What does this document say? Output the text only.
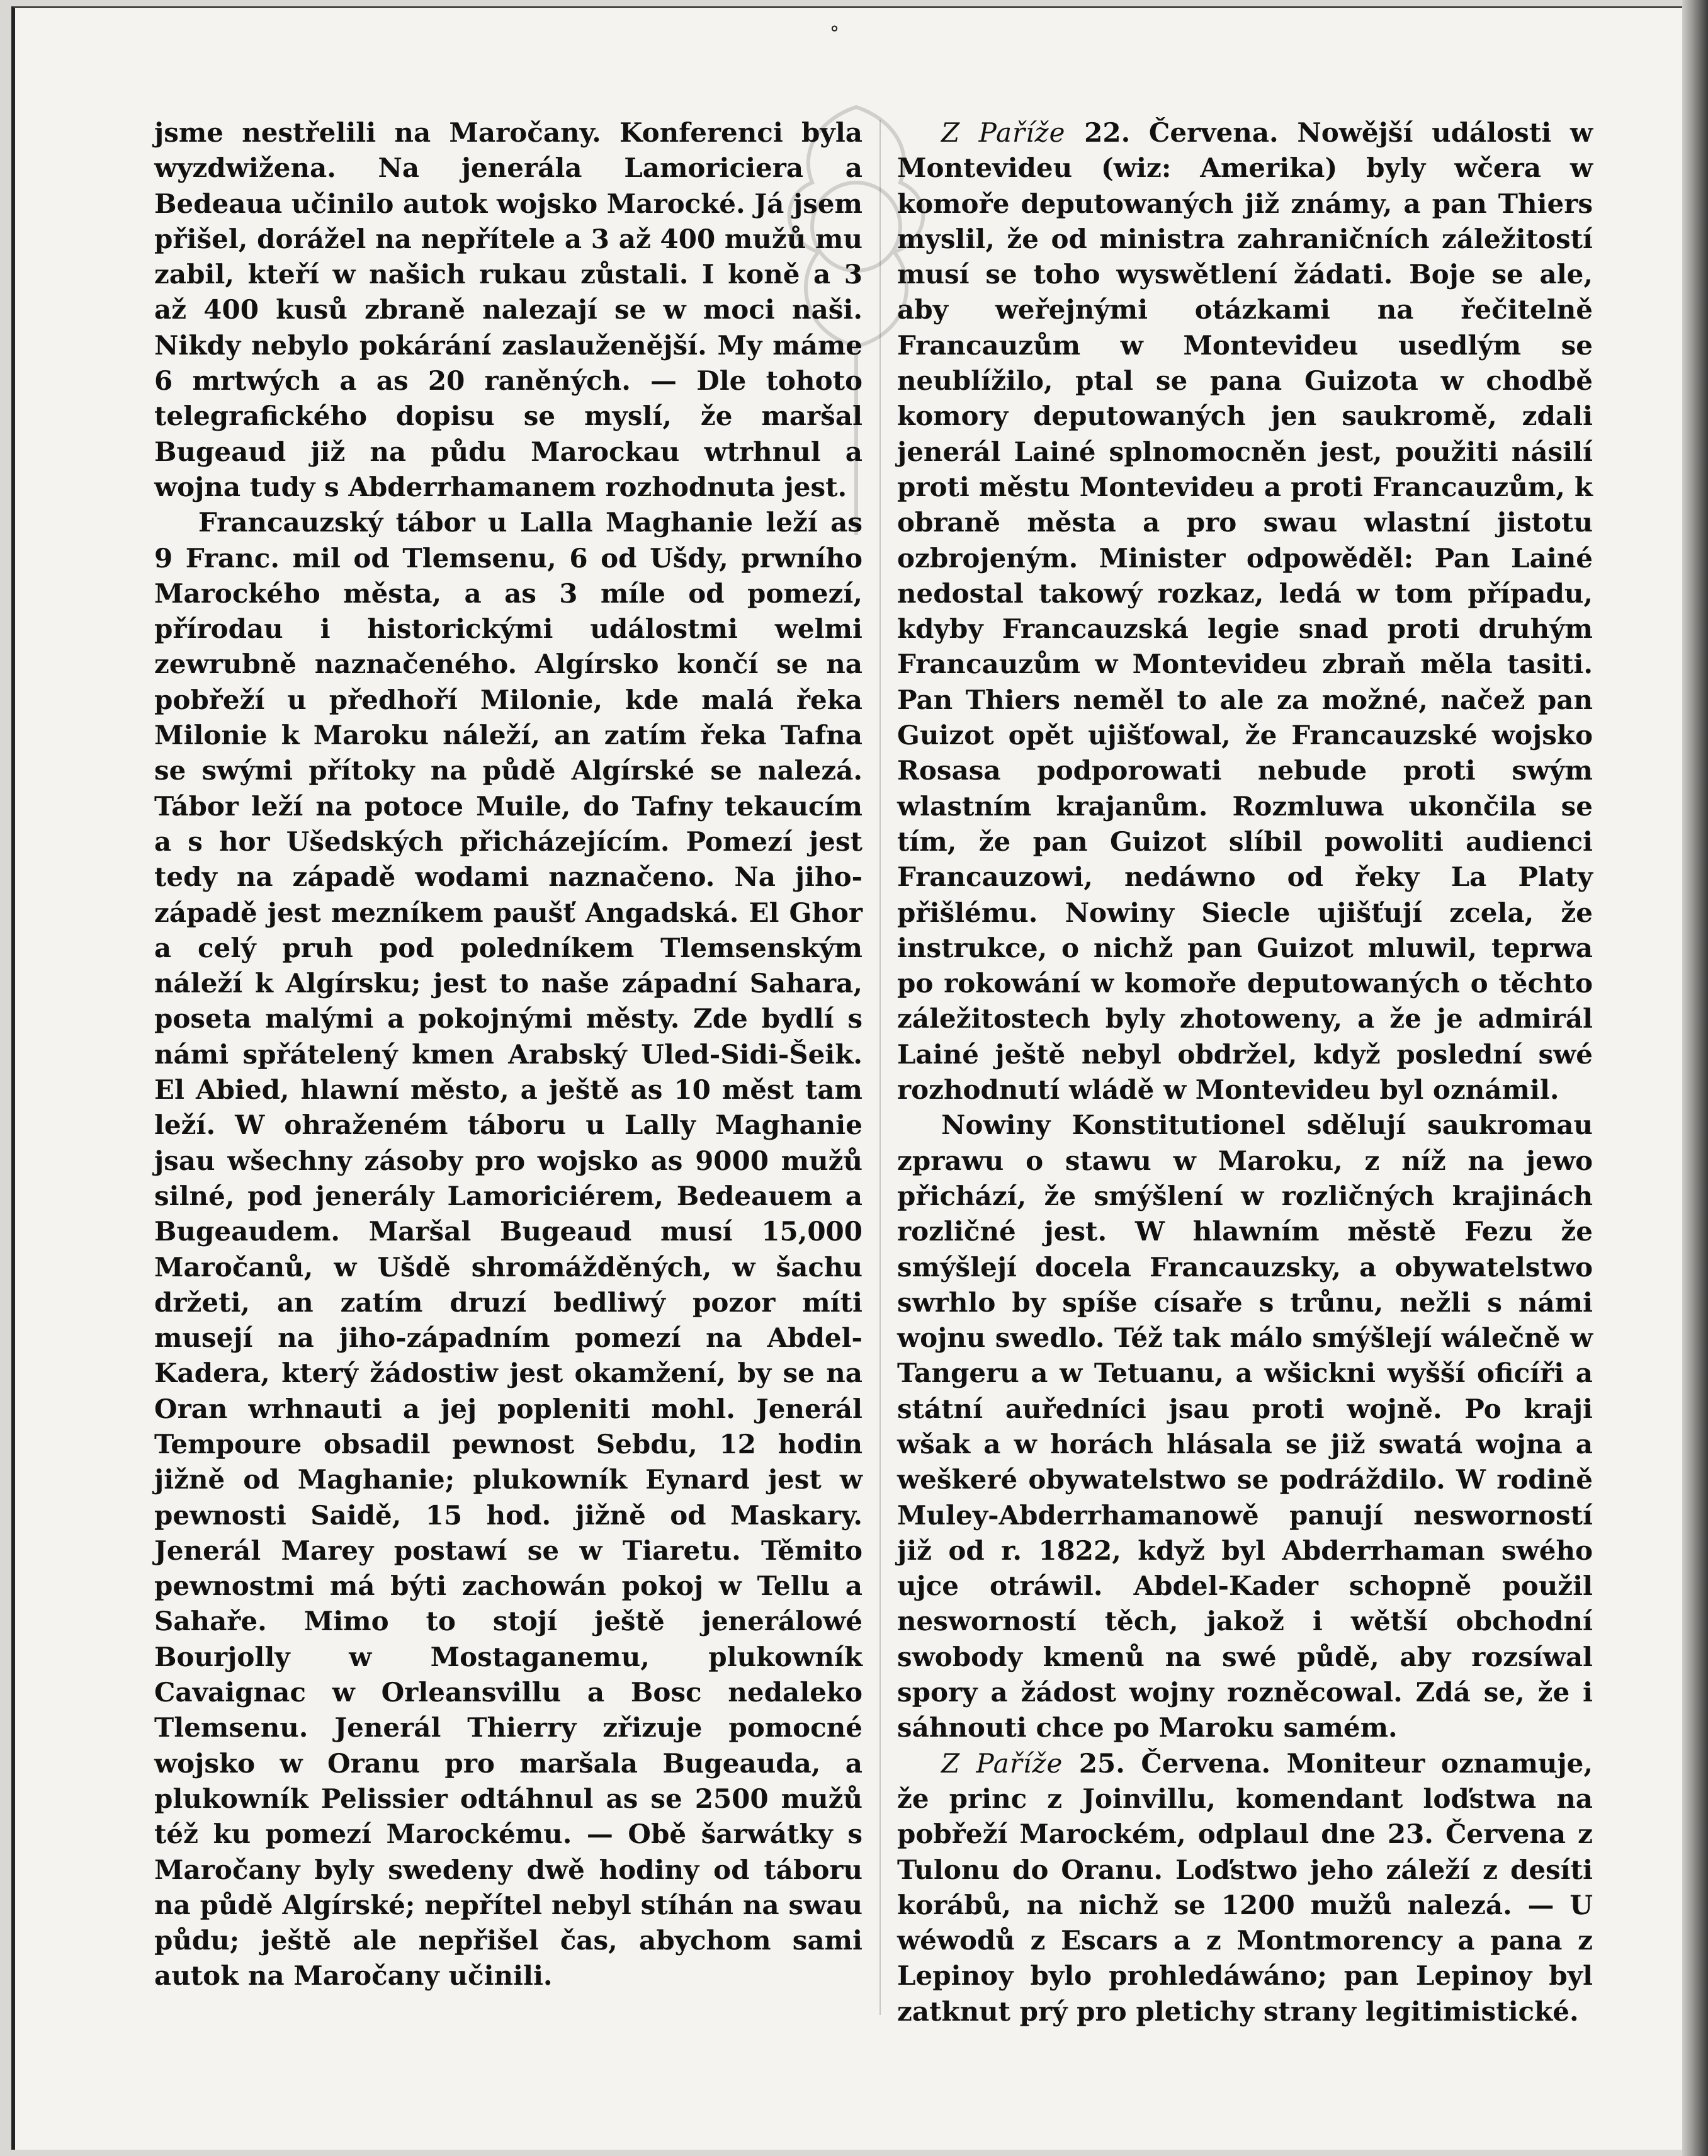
°

jsme nestřelili na Maročany. Konferenci byla wyzdwižena. Na jenerála Lamoriciera a Bedeaua učinilo autok wojsko Marocké. Já jsem přišel, dorážel na nepřítele a 3 až 400 mužů mu zabil, kteří w našich rukau zůstali. I koně a 3 až 400 kusů zbraně nalezají se w moci naši. Nikdy nebylo pokárání zaslauženější. My máme 6 mrtwých a as 20 raněných. — Dle tohoto telegrafického dopisu se myslí, že maršal Bugeaud již na půdu Marockau wtrhnul a wojna tudy s Abderrhamanem rozhodnuta jest.

Francauzský tábor u Lalla Maghanie leží as 9 Franc. mil od Tlemsenu, 6 od Ušdy, prwního Marockého města, a as 3 míle od pomezí, přírodau i historickými událostmi welmi zewrubně naznačeného. Algírsko končí se na pobřeží u předhoří Milonie, kde malá řeka Milonie k Maroku náleží, an zatím řeka Tafna se swými přítoky na půdě Algírské se nalezá. Tábor leží na potoce Muile, do Tafny tekaucím a s hor Ušedských přicházejícím. Pomezí jest tedy na západě wodami naznačeno. Na jiho-západě jest mezníkem paušť Angadská. El Ghor a celý pruh pod poledníkem Tlemsenským náleží k Algírsku; jest to naše západní Sahara, poseta malými a pokojnými městy. Zde bydlí s námi spřátelený kmen Arabský Uled-Sidi-Šeik. El Abied, hlawní město, a ještě as 10 měst tam leží. W ohraženém táboru u Lally Maghanie jsau wšechny zásoby pro wojsko as 9000 mužů silné, pod jenerály Lamoriciérem, Bedeauem a Bugeaudem. Maršal Bugeaud musí 15,000 Maročanů, w Ušdě shromážděných, w šachu držeti, an zatím druzí bedliwý pozor míti musejí na jiho-západním pomezí na Abdel-Kadera, který žádostiw jest okamžení, by se na Oran wrhnauti a jej popleniti mohl. Jenerál Tempoure obsadil pewnost Sebdu, 12 hodin jižně od Maghanie; plukowník Eynard jest w pewnosti Saidě, 15 hod. jižně od Maskary. Jenerál Marey postawí se w Tiaretu. Těmito pewnostmi má býti zachowán pokoj w Tellu a Sahaře. Mimo to stojí ještě jenerálowé Bourjolly w Mostaganemu, plukowník Cavaignac w Orleansvillu a Bosc nedaleko Tlemsenu. Jenerál Thierry zřizuje pomocné wojsko w Oranu pro maršala Bugeauda, a plukowník Pelissier odtáhnul as se 2500 mužů též ku pomezí Marockému. — Obě šarwátky s Maročany byly swedeny dwě hodiny od táboru na půdě Algírské; nepřítel nebyl stíhán na swau půdu; ještě ale nepřišel čas, abychom sami autok na Maročany učinili.

Z Paříže 22. Červena. Nowější události w Montevideu (wiz: Amerika) byly wčera w komoře deputowaných již známy, a pan Thiers myslil, že od ministra zahraničních záležitostí musí se toho wyswětlení žádati. Boje se ale, aby weřejnými otázkami na řečitelně Francauzům w Montevideu usedlým se neublížilo, ptal se pana Guizota w chodbě komory deputowaných jen saukromě, zdali jenerál Lainé splnomocněn jest, použiti násilí proti městu Montevideu a proti Francauzům, k obraně města a pro swau wlastní jistotu ozbrojeným. Minister odpowěděl: Pan Lainé nedostal takowý rozkaz, ledá w tom případu, kdyby Francauzská legie snad proti druhým Francauzům w Montevideu zbraň měla tasiti. Pan Thiers neměl to ale za možné, načež pan Guizot opět ujišťowal, že Francauzské wojsko Rosasa podporowati nebude proti swým wlastním krajanům. Rozmluwa ukončila se tím, že pan Guizot slíbil powoliti audienci Francauzowi, nedáwno od řeky La Platy přišlému. Nowiny Siecle ujišťují zcela, že instrukce, o nichž pan Guizot mluwil, teprwa po rokowání w komoře deputowaných o těchto záležitostech byly zhotoweny, a že je admirál Lainé ještě nebyl obdržel, když poslední swé rozhodnutí wládě w Montevideu byl oznámil.

Nowiny Konstitutionel sdělují saukromau zprawu o stawu w Maroku, z níž na jewo přichází, že smýšlení w rozličných krajinách rozličné jest. W hlawním městě Fezu že smýšlejí docela Francauzsky, a obywatelstwo swrhlo by spíše císaře s trůnu, nežli s námi wojnu swedlo. Též tak málo smýšlejí wálečně w Tangeru a w Tetuanu, a wšickni wyšší oficíři a státní auředníci jsau proti wojně. Po kraji wšak a w horách hlásala se již swatá wojna a weškeré obywatelstwo se podráždilo. W rodině Muley-Abderrhamanowě panují nesworností již od r. 1822, když byl Abderrhaman swého ujce otráwil. Abdel-Kader schopně použil nesworností těch, jakož i wětší obchodní swobody kmenů na swé půdě, aby rozsíwal spory a žádost wojny rozněcowal. Zdá se, že i sáhnouti chce po Maroku samém.

Z Paříže 25. Červena. Moniteur oznamuje, že princ z Joinvillu, komendant loďstwa na pobřeží Marockém, odplaul dne 23. Červena z Tulonu do Oranu. Loďstwo jeho záleží z desíti korábů, na nichž se 1200 mužů nalezá. — U wéwodů z Escars a z Montmorency a pana z Lepinoy bylo prohledáwáno; pan Lepinoy byl zatknut prý pro pletichy strany legitimistické.
